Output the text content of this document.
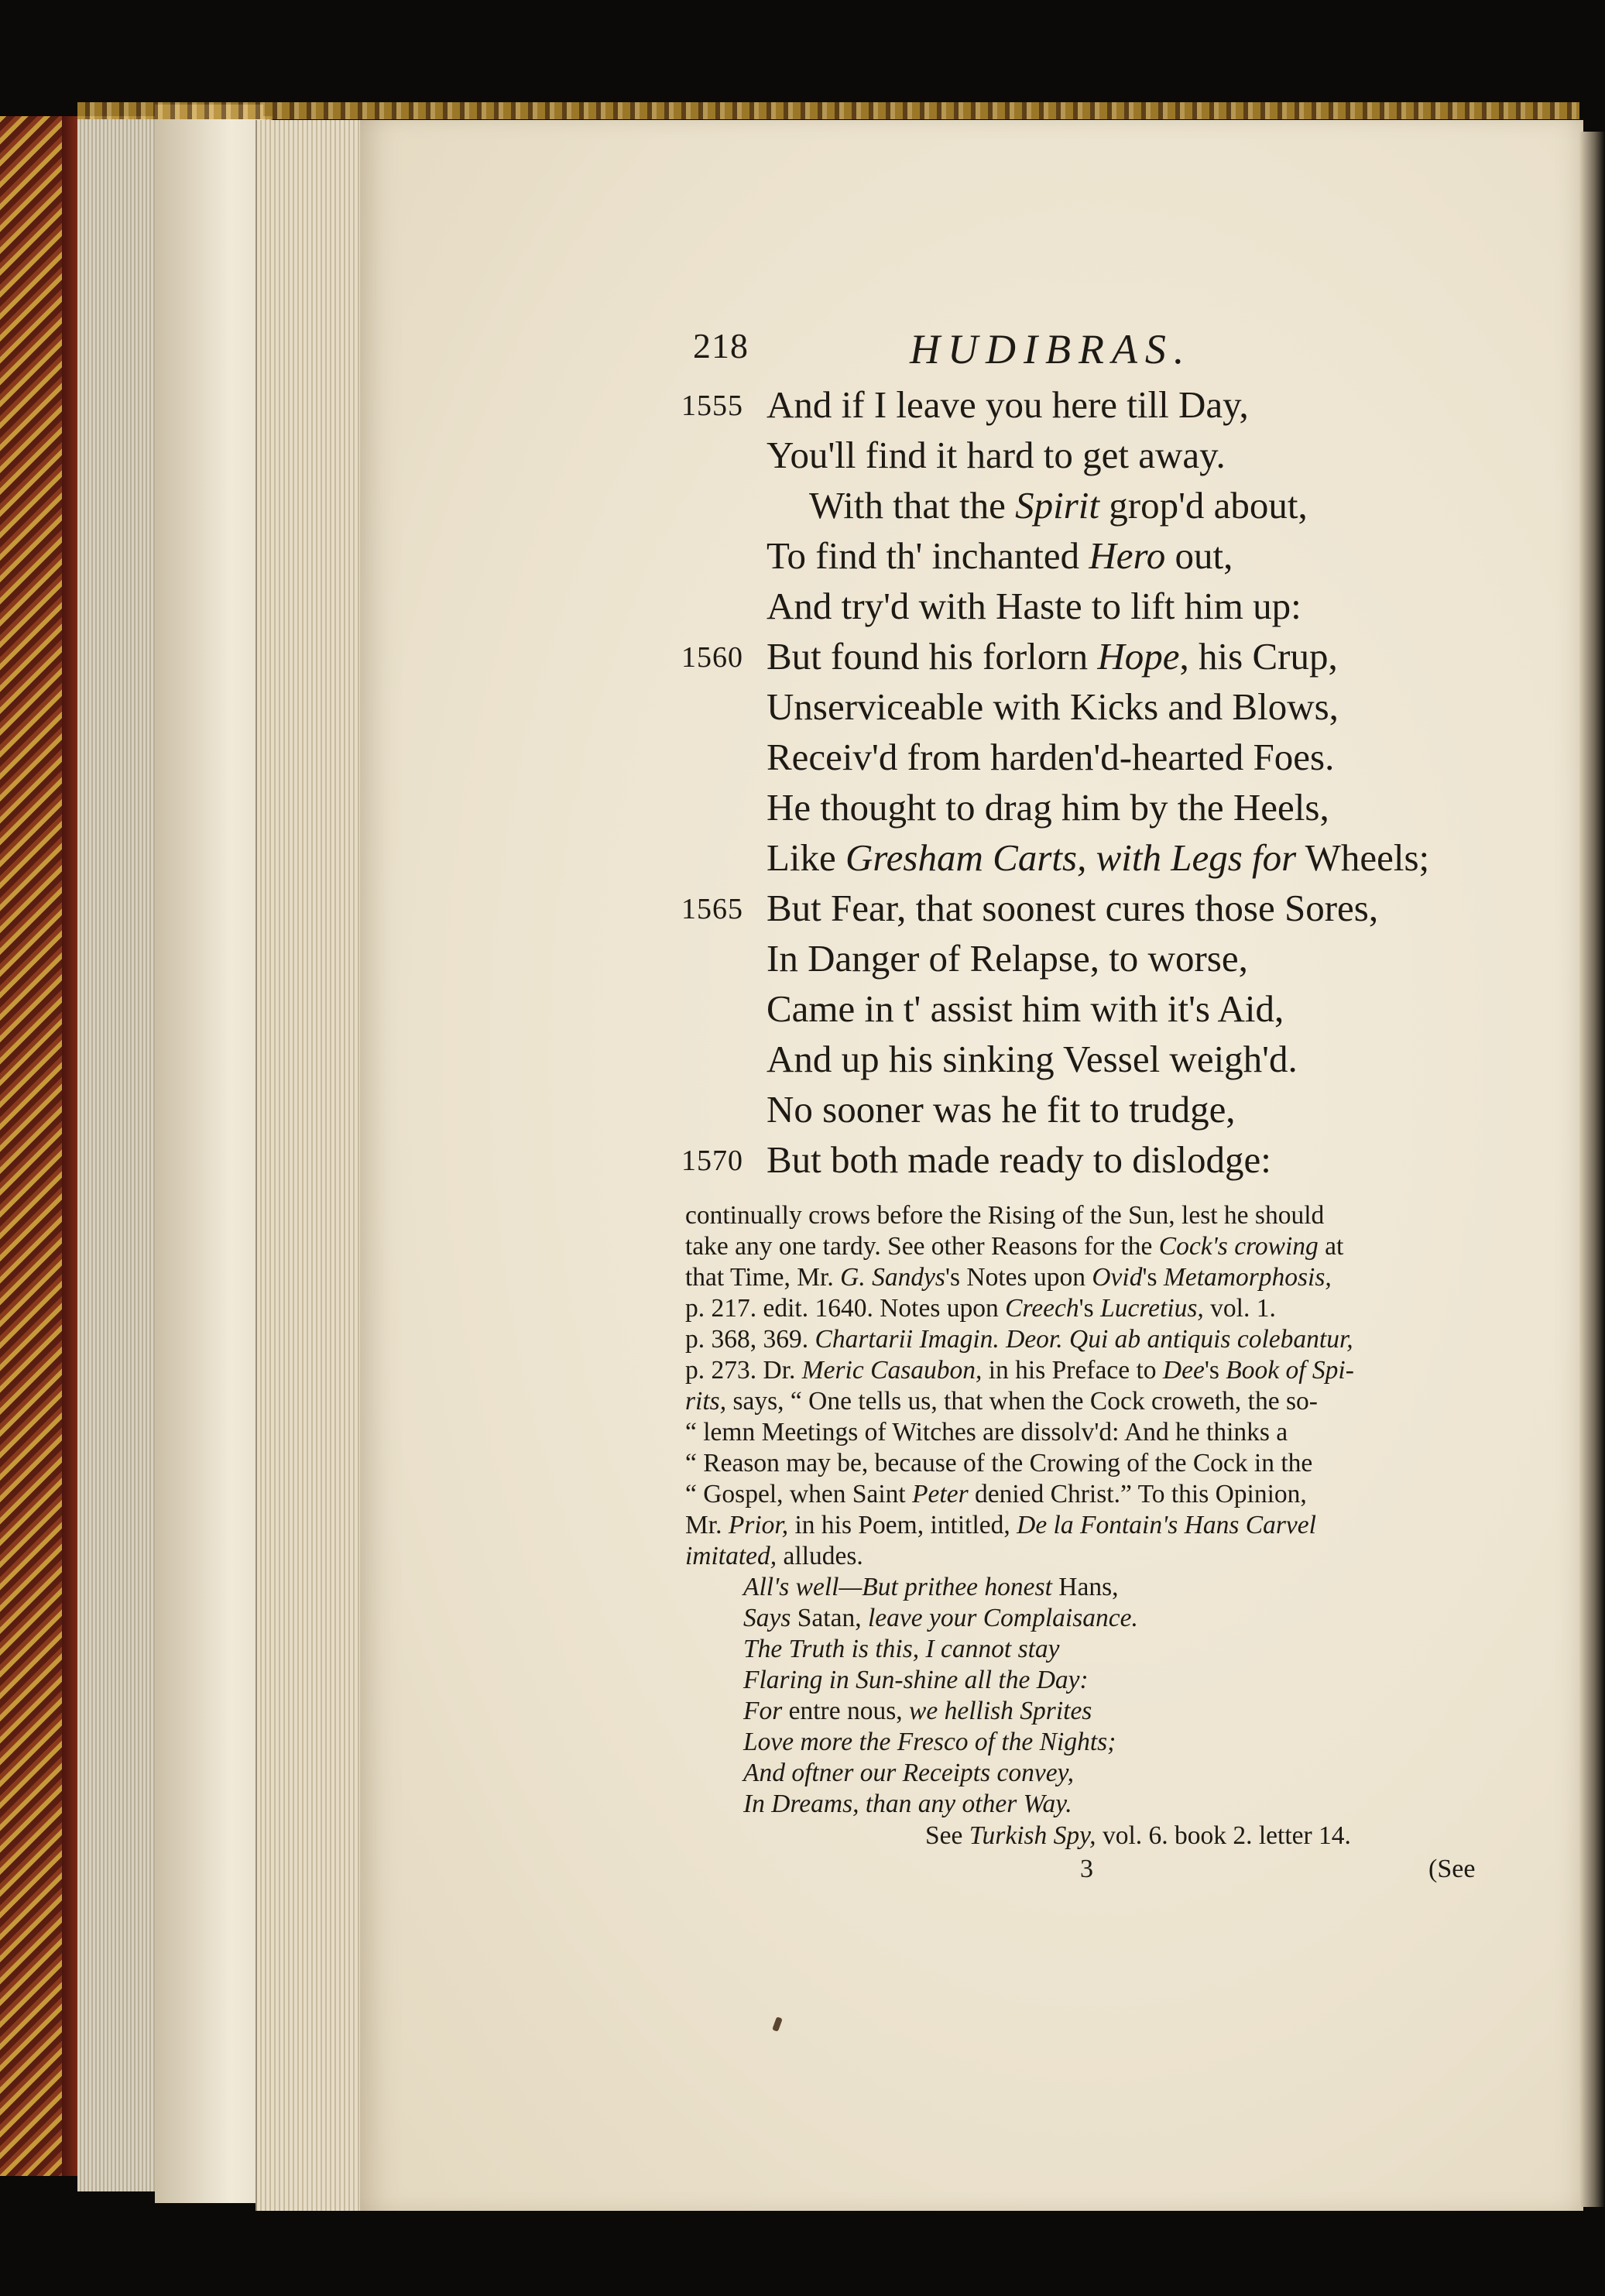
218	HUDIBRAS.
1555 And if I leave you here till Day,
You'll find it hard to get away.
With that the Spirit grop'd about,
To find th' inchanted Hero out,
And try'd with Haste to lift him up:
1560 But found his forlorn Hope, his Crup,
Unserviceable with Kicks and Blows,
Receiv'd from harden'd-hearted Foes.
He thought to drag him by the Heels,
Like Gresham Carts, with Legs for Wheels;
1565 But Fear, that soonest cures those Sores,
In Danger of Relapse, to worse,
Came in t' assist him with it's Aid,
And up his sinking Vessel weigh'd.
No sooner was he fit to trudge,
1570 But both made ready to dislodge:
continually crows before the Rising of the Sun, lest he should
take any one tardy. See other Reasons for the Cock's crowing at
that Time, Mr. G. Sandys's Notes upon Ovid's Metamorphosis,
p. 217. edit. 1640. Notes upon Creech's Lucretius, vol. 1.
p. 368, 369. Chartarii Imagin. Deor. Qui ab antiquis colebantur,
p. 273. Dr. Meric Casaubon, in his Preface to Dee's Book of Spi-
rits, says, “ One tells us, that when the Cock croweth, the so-
“ lemn Meetings of Witches are dissolv'd: And he thinks a
“ Reason may be, because of the Crowing of the Cock in the
“ Gospel, when Saint Peter denied Christ.” To this Opinion,
Mr. Prior, in his Poem, intitled, De la Fontain's Hans Carvel
imitated, alludes.
All's well—But prithee honest Hans,
Says Satan, leave your Complaisance.
The Truth is this, I cannot stay
Flaring in Sun-shine all the Day:
For entre nous, we hellish Sprites
Love more the Fresco of the Nights;
And oftner our Receipts convey,
In Dreams, than any other Way.
See Turkish Spy, vol. 6. book 2. letter 14.
3	(See
